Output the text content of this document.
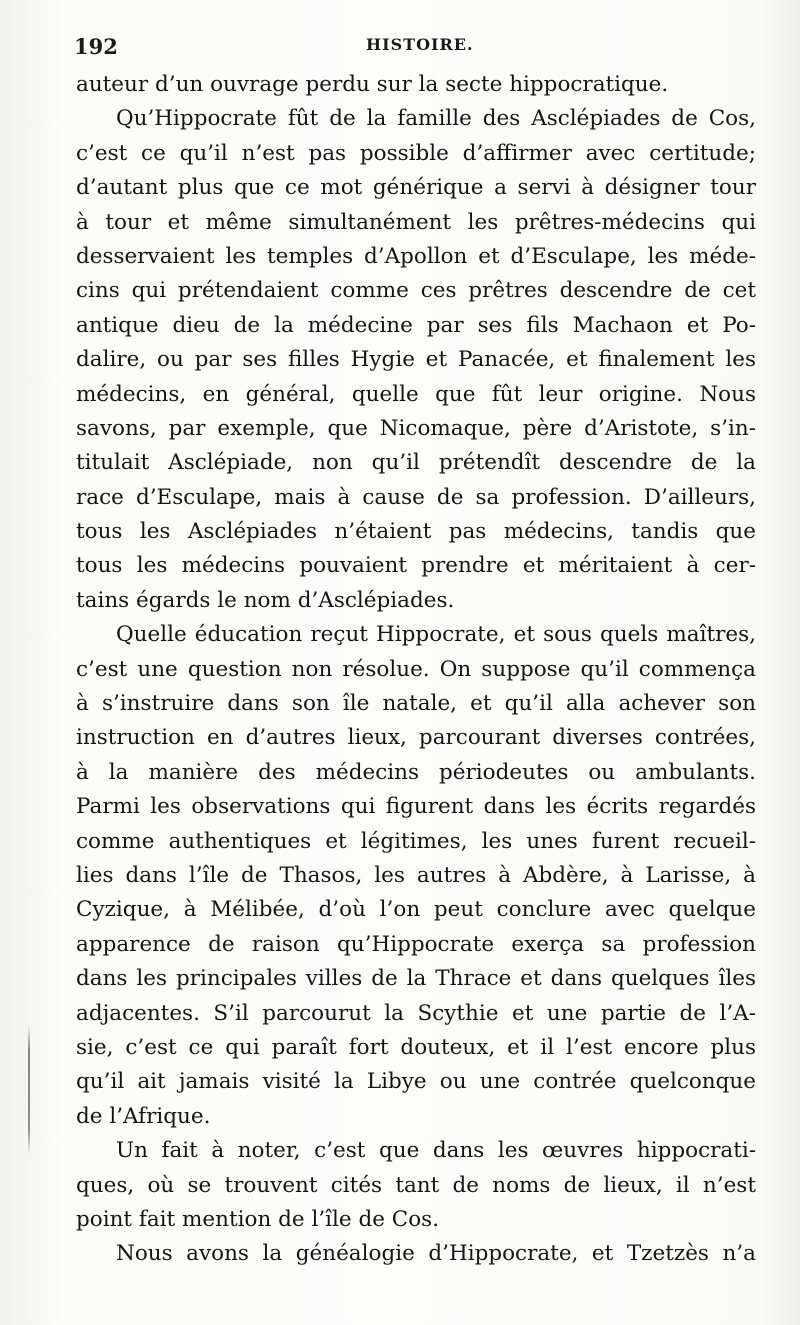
192	HISTOIRE.
auteur d’un ouvrage perdu sur la secte hippocratique.
Qu’Hippocrate fût de la famille des Asclépiades de Cos,
c’est ce qu’il n’est pas possible d’affirmer avec certitude;
d’autant plus que ce mot générique a servi à désigner tour
à tour et même simultanément les prêtres-médecins qui
desservaient les temples d’Apollon et d’Esculape, les méde-
cins qui prétendaient comme ces prêtres descendre de cet
antique dieu de la médecine par ses fils Machaon et Po-
dalire, ou par ses filles Hygie et Panacée, et finalement les
médecins, en général, quelle que fût leur origine. Nous
savons, par exemple, que Nicomaque, père d’Aristote, s’in-
titulait Asclépiade, non qu’il prétendît descendre de la
race d’Esculape, mais à cause de sa profession. D’ailleurs,
tous les Asclépiades n’étaient pas médecins, tandis que
tous les médecins pouvaient prendre et méritaient à cer-
tains égards le nom d’Asclépiades.
Quelle éducation reçut Hippocrate, et sous quels maîtres,
c’est une question non résolue. On suppose qu’il commença
à s’instruire dans son île natale, et qu’il alla achever son
instruction en d’autres lieux, parcourant diverses contrées,
à la manière des médecins périodeutes ou ambulants.
Parmi les observations qui figurent dans les écrits regardés
comme authentiques et légitimes, les unes furent recueil-
lies dans l’île de Thasos, les autres à Abdère, à Larisse, à
Cyzique, à Mélibée, d’où l’on peut conclure avec quelque
apparence de raison qu’Hippocrate exerça sa profession
dans les principales villes de la Thrace et dans quelques îles
adjacentes. S’il parcourut la Scythie et une partie de l’A-
sie, c’est ce qui paraît fort douteux, et il l’est encore plus
qu’il ait jamais visité la Libye ou une contrée quelconque
de l’Afrique.
Un fait à noter, c’est que dans les œuvres hippocrati-
ques, où se trouvent cités tant de noms de lieux, il n’est
point fait mention de l’île de Cos.
Nous avons la généalogie d’Hippocrate, et Tzetzès n’a
